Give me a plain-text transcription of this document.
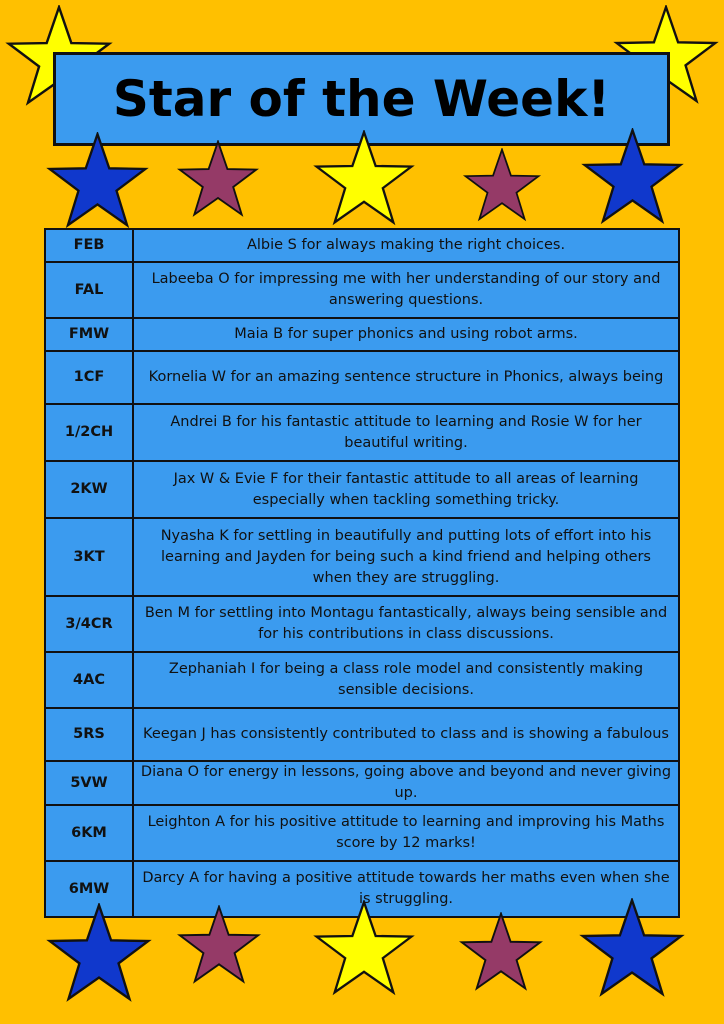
Star of the Week!
FEB	Albie S for always making the right choices.
FAL	Labeeba O for impressing me with her understanding of our story and answering questions.
FMW	Maia B for super phonics and using robot arms.
1CF	Kornelia W for an amazing sentence structure in Phonics, always being
1/2CH	Andrei B for his fantastic attitude to learning and Rosie W for her beautiful writing.
2KW	Jax W & Evie F for their fantastic attitude to all areas of learning especially when tackling something tricky.
3KT	Nyasha K for settling in beautifully and putting lots of effort into his learning and Jayden for being such a kind friend and helping others when they are struggling.
3/4CR	Ben M for settling into Montagu fantastically, always being sensible and for his contributions in class discussions.
4AC	Zephaniah I for being a class role model and consistently making sensible decisions.
5RS	Keegan J has consistently contributed to class and is showing a fabulous
5VW	Diana O for energy in lessons, going above and beyond and never giving up.
6KM	Leighton A for his positive attitude to learning and improving his Maths score by 12 marks!
6MW	Darcy A for having a positive attitude towards her maths even when she is struggling.
